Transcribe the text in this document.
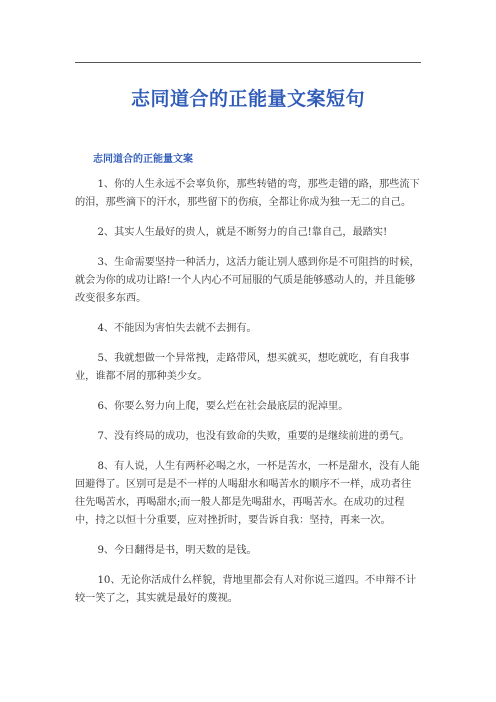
志同道合的正能量文案短句
志同道合的正能量文案

1、你的人生永远不会辜负你，那些转错的弯，那些走错的路，那些流下的泪，那些滴下的汗水，那些留下的伤痕，全都让你成为独一无二的自己。

2、其实人生最好的贵人，就是不断努力的自己!靠自己，最踏实!

3、生命需要坚持一种活力，这活力能让别人感到你是不可阻挡的时候，就会为你的成功让路!一个人内心不可屈服的气质是能够感动人的，并且能够改变很多东西。

4、不能因为害怕失去就不去拥有。

5、我就想做一个异常拽，走路带风，想买就买，想吃就吃，有自我事业，谁都不屑的那种美少女。

6、你要么努力向上爬，要么烂在社会最底层的泥淖里。

7、没有终局的成功，也没有致命的失败，重要的是继续前进的勇气。

8、有人说，人生有两杯必喝之水，一杯是苦水，一杯是甜水，没有人能回避得了。区别可是是不一样的人喝甜水和喝苦水的顺序不一样，成功者往往先喝苦水，再喝甜水;而一般人都是先喝甜水，再喝苦水。在成功的过程中，持之以恒十分重要，应对挫折时，要告诉自我：坚持，再来一次。

9、今日翻得是书，明天数的是钱。

10、无论你活成什么样貌，背地里都会有人对你说三道四。不申辩不计较一笑了之，其实就是最好的蔑视。
